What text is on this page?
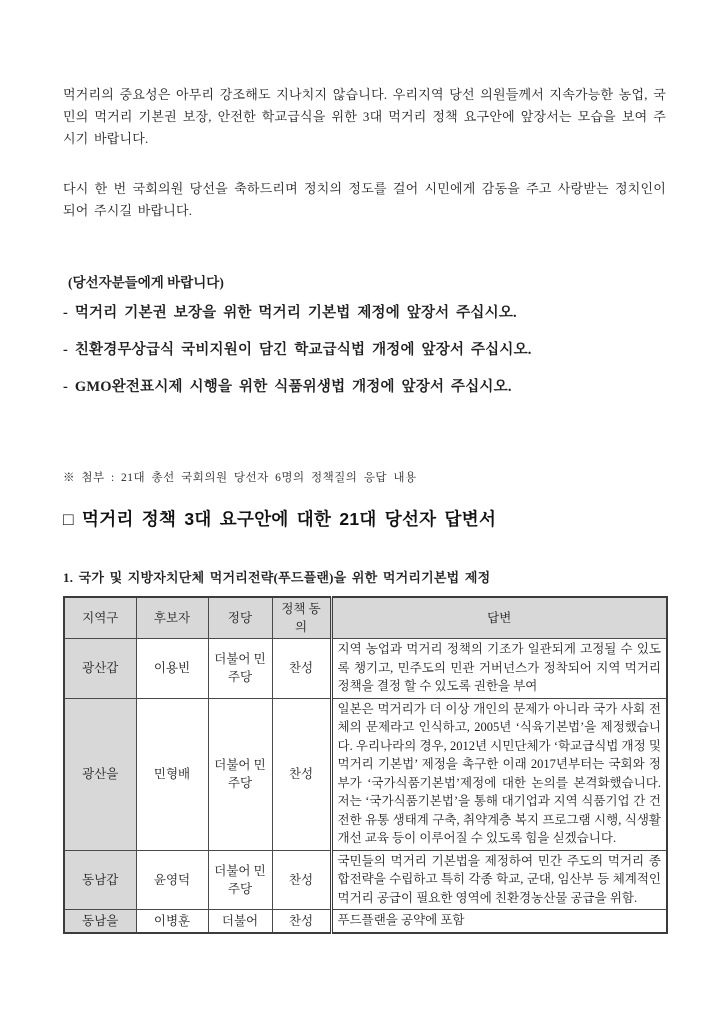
먹거리의 중요성은 아무리 강조해도 지나치지 않습니다. 우리지역 당선 의원들께서 지속가능한 농업, 국민의 먹거리 기본권 보장, 안전한 학교급식을 위한 3대 먹거리 정책 요구안에 앞장서는 모습을 보여 주시기 바랍니다.

다시 한 번 국회의원 당선을 축하드리며 정치의 정도를 걸어 시민에게 감동을 주고 사랑받는 정치인이 되어 주시길 바랍니다.

(당선자분들에게 바랍니다)

- 먹거리 기본권 보장을 위한 먹거리 기본법 제정에 앞장서 주십시오.
- 친환경무상급식 국비지원이 담긴 학교급식법 개정에 앞장서 주십시오.
- GMO완전표시제 시행을 위한 식품위생법 개정에 앞장서 주십시오.

※ 첨부 : 21대 총선 국회의원 당선자 6명의 정책질의 응답 내용

□ 먹거리 정책 3대 요구안에 대한 21대 당선자 답변서
1. 국가 및 지방자치단체 먹거리전략(푸드플랜)을 위한 먹거리기본법 제정
지역구	후보자	정당	정책 동의	답변
광산갑	이용빈	더불어 민주당	찬성	지역 농업과 먹거리 정책의 기조가 일관되게 고정될 수 있도록 챙기고, 민주도의 민관 거버넌스가 정착되어 지역 먹거리 정책을 결정 할 수 있도록 권한을 부여
광산을	민형배	더불어 민주당	찬성	일본은 먹거리가 더 이상 개인의 문제가 아니라 국가 사회 전체의 문제라고 인식하고, 2005년 ‘식육기본법’을 제정했습니다. 우리나라의 경우, 2012년 시민단체가 ‘학교급식법 개정 및 먹거리 기본법’ 제정을 촉구한 이래 2017년부터는 국회와 정부가 ‘국가식품기본법’제정에 대한 논의를 본격화했습니다. 저는 ‘국가식품기본법’을 통해 대기업과 지역 식품기업 간 건전한 유통 생태계 구축, 취약계층 복지 프로그램 시행, 식생활 개선 교육 등이 이루어질 수 있도록 힘을 싣겠습니다.
동남갑	윤영덕	더불어 민주당	찬성	국민들의 먹거리 기본법을 제정하여 민간 주도의 먹거리 종합전략을 수립하고 특히 각종 학교, 군대, 임산부 등 체계적인 먹거리 공급이 필요한 영역에 친환경농산물 공급을 위함.
동남을	이병훈	더불어	찬성	푸드플랜을 공약에 포함
